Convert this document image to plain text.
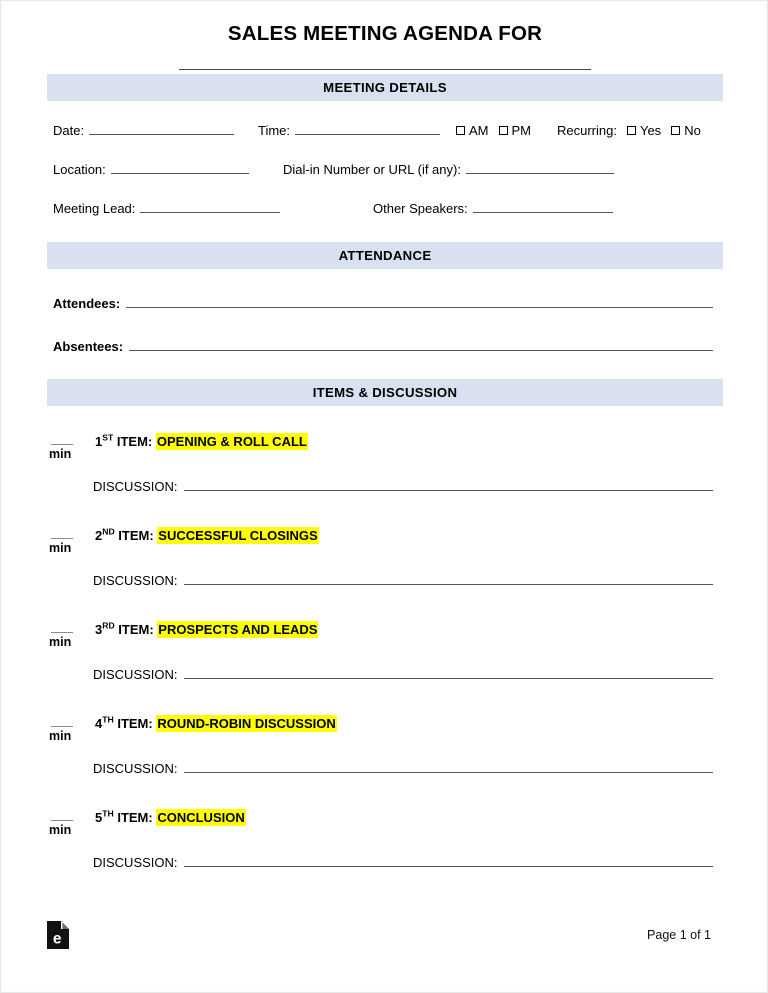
SALES MEETING AGENDA FOR
MEETING DETAILS
Date:	Time:	AM PM Recurring: Yes No
Location:	Dial-in Number or URL (if any):
Meeting Lead:	Other Speakers:
ATTENDANCE
Attendees:
Absentees:
ITEMS & DISCUSSION
min
1ST ITEM: OPENING & ROLL CALL
DISCUSSION:
min
2ND ITEM: SUCCESSFUL CLOSINGS
DISCUSSION:
min
3RD ITEM: PROSPECTS AND LEADS
DISCUSSION:
min
4TH ITEM: ROUND-ROBIN DISCUSSION
DISCUSSION:
min
5TH ITEM: CONCLUSION
DISCUSSION:
e	Page 1 of 1
